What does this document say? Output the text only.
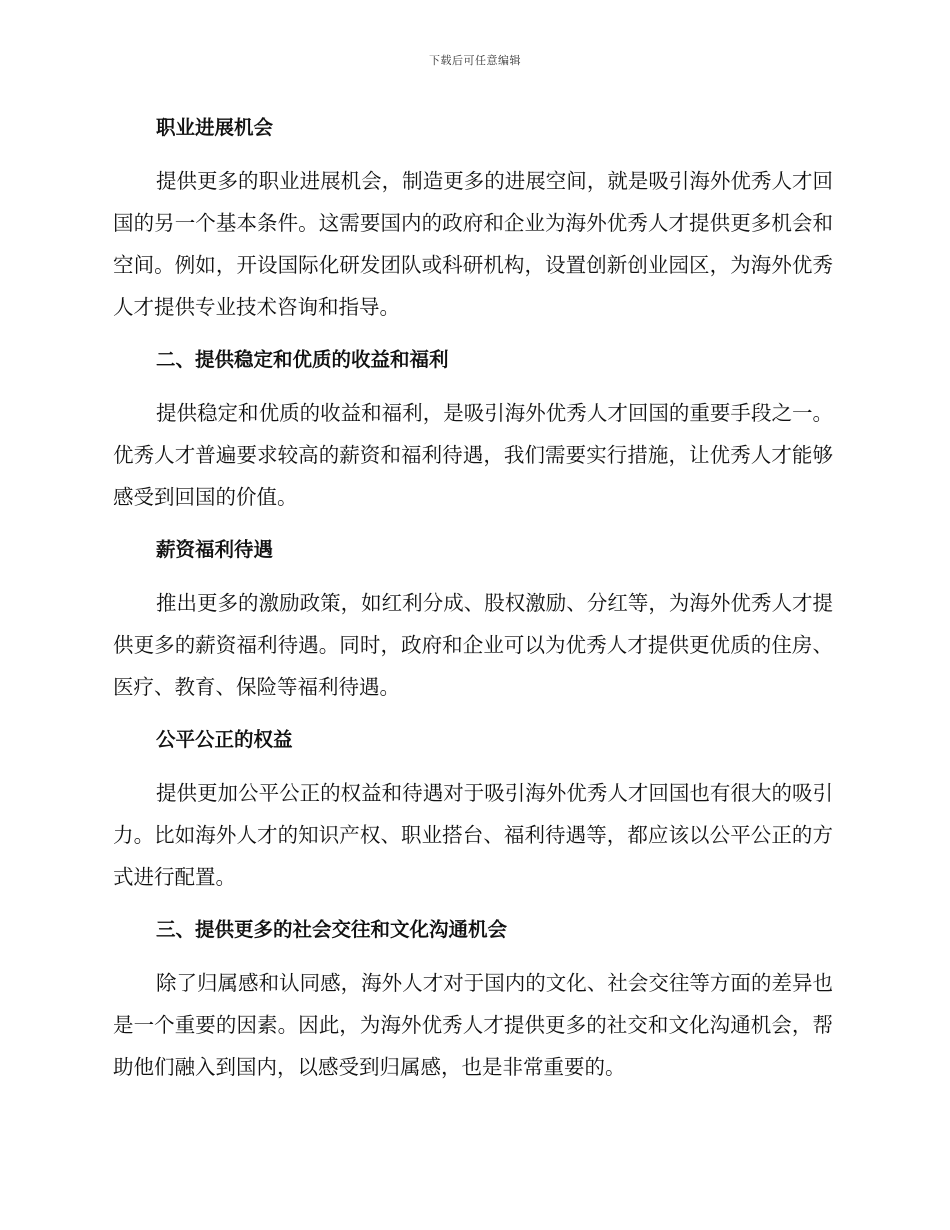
下载后可任意编辑
职业进展机会
提供更多的职业进展机会，制造更多的进展空间，就是吸引海外优秀人才回国的另一个基本条件。这需要国内的政府和企业为海外优秀人才提供更多机会和空间。例如，开设国际化研发团队或科研机构，设置创新创业园区，为海外优秀人才提供专业技术咨询和指导。
二、提供稳定和优质的收益和福利
提供稳定和优质的收益和福利，是吸引海外优秀人才回国的重要手段之一。优秀人才普遍要求较高的薪资和福利待遇，我们需要实行措施，让优秀人才能够感受到回国的价值。
薪资福利待遇
推出更多的激励政策，如红利分成、股权激励、分红等，为海外优秀人才提供更多的薪资福利待遇。同时，政府和企业可以为优秀人才提供更优质的住房、医疗、教育、保险等福利待遇。
公平公正的权益
提供更加公平公正的权益和待遇对于吸引海外优秀人才回国也有很大的吸引力。比如海外人才的知识产权、职业搭台、福利待遇等，都应该以公平公正的方式进行配置。
三、提供更多的社会交往和文化沟通机会
除了归属感和认同感，海外人才对于国内的文化、社会交往等方面的差异也是一个重要的因素。因此，为海外优秀人才提供更多的社交和文化沟通机会，帮助他们融入到国内，以感受到归属感，也是非常重要的。
